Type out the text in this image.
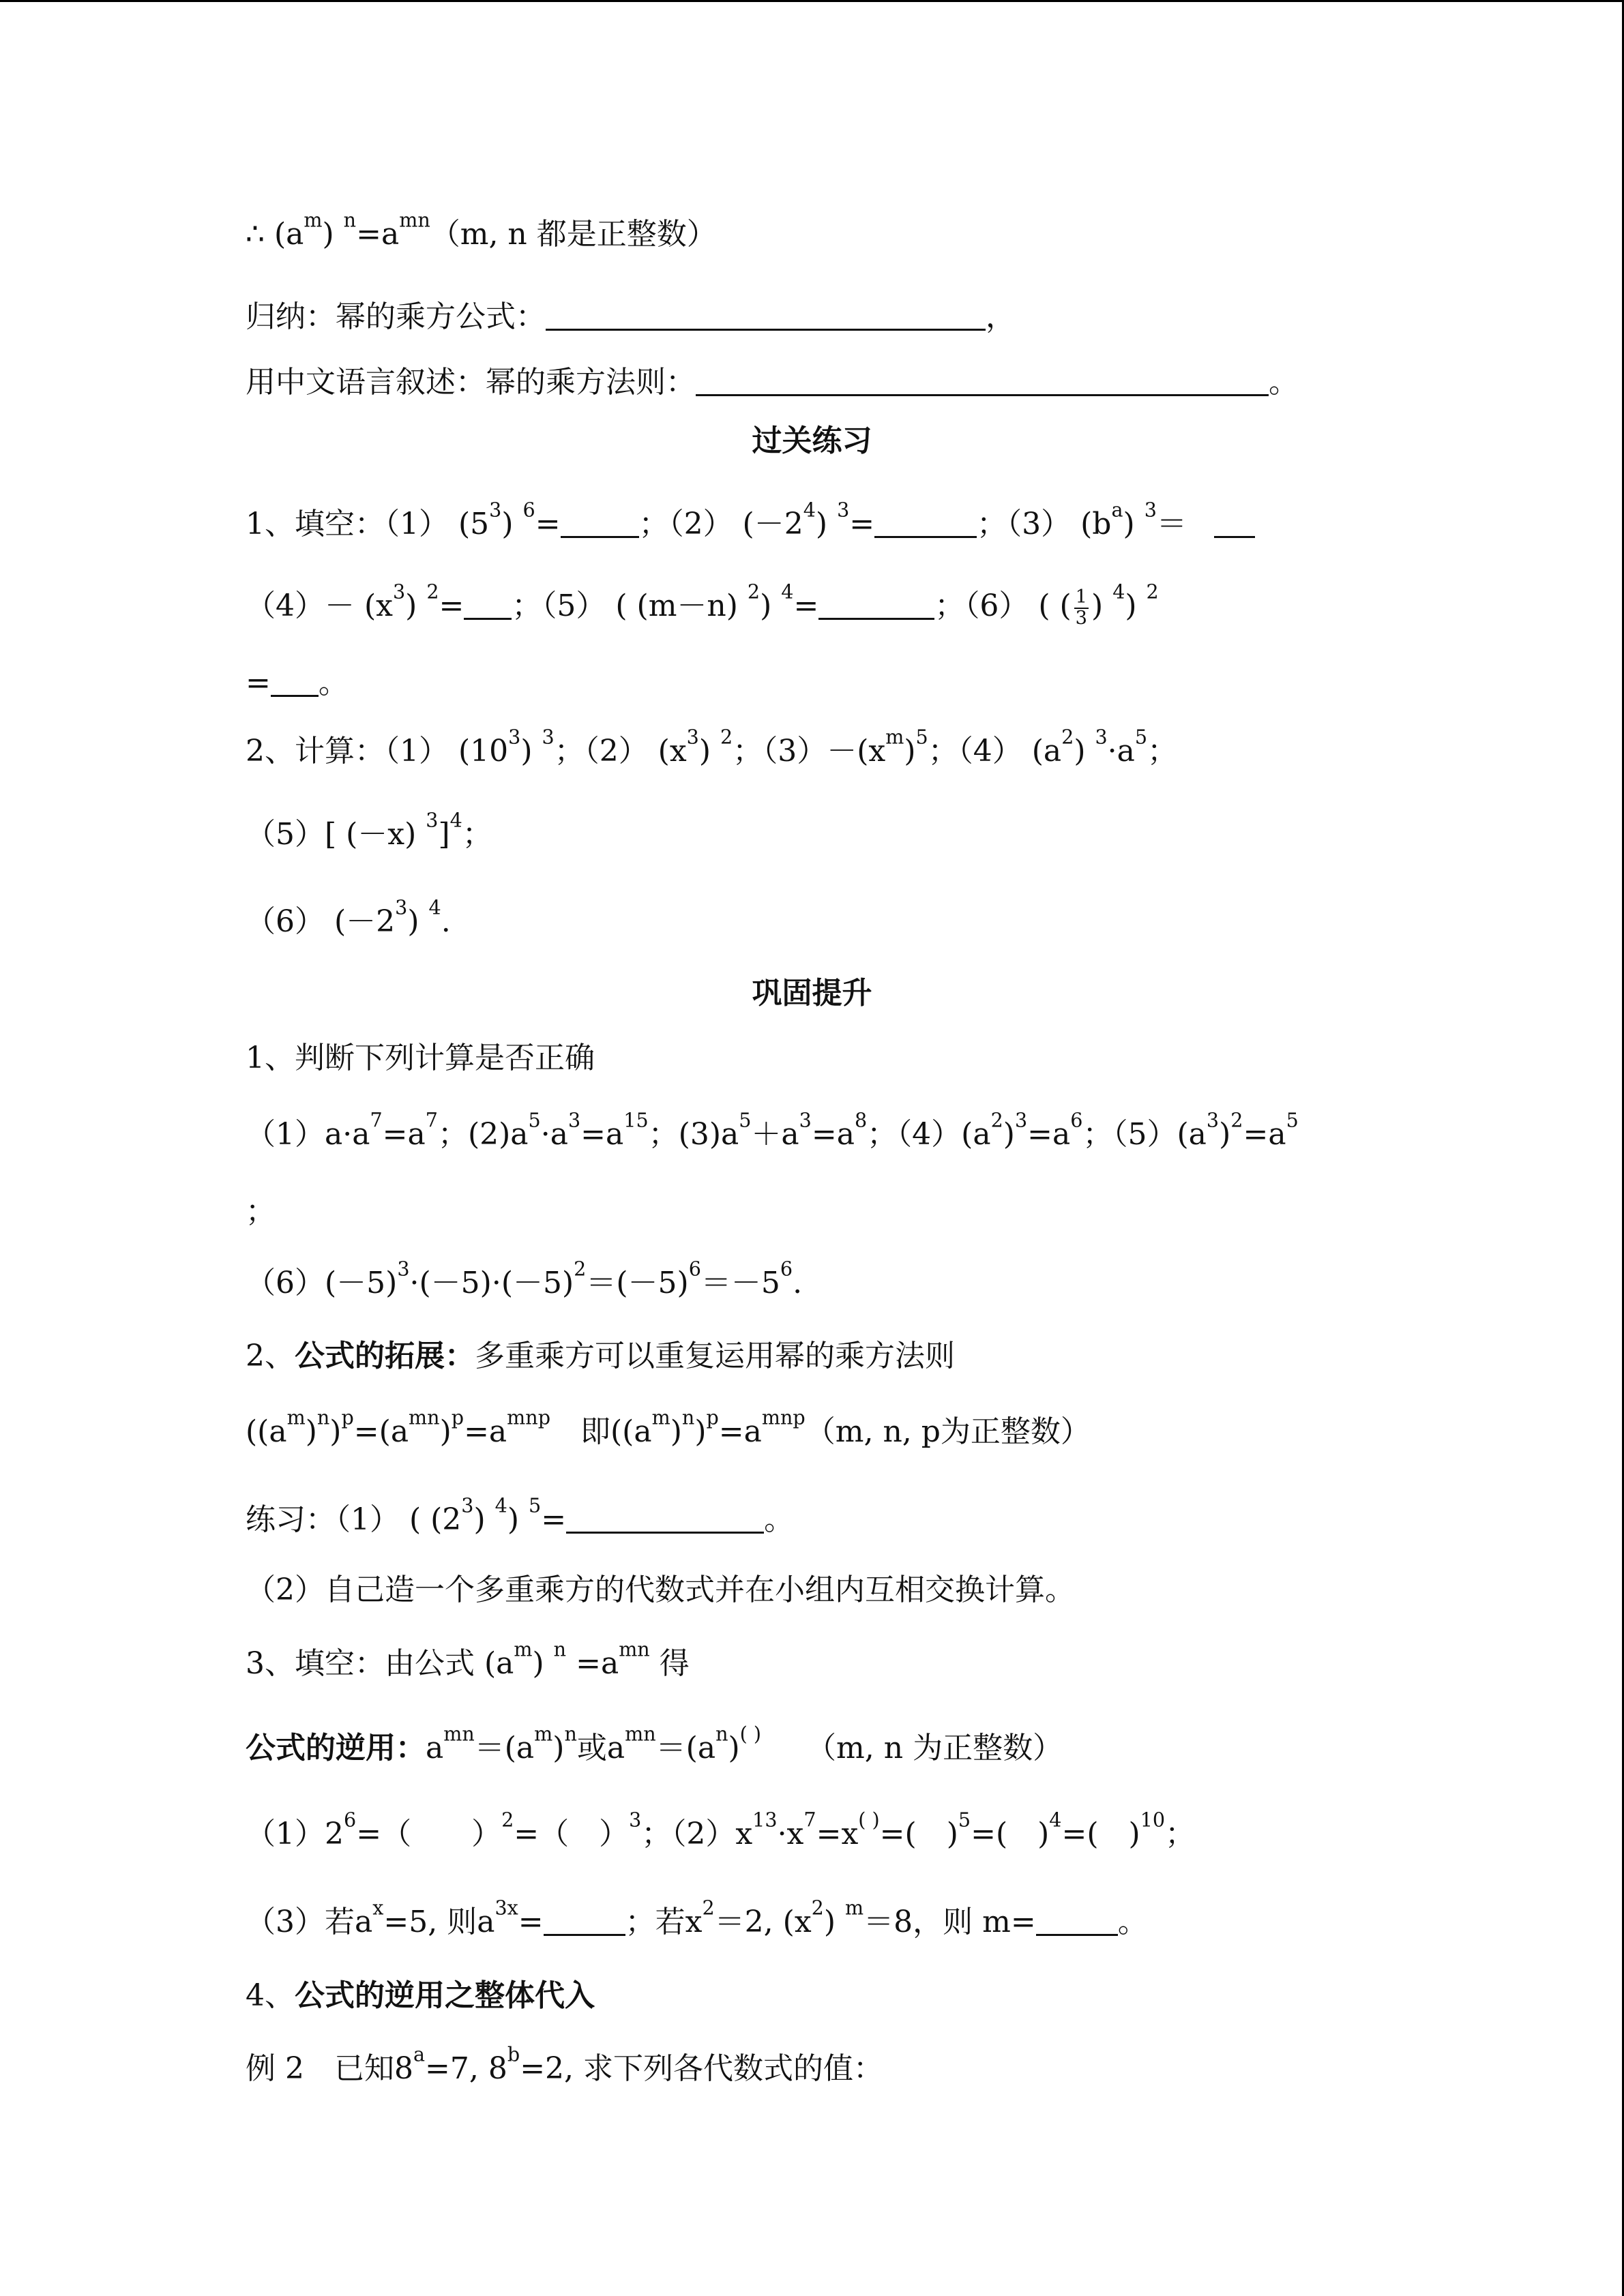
∴ $(a^m)$ $^n=a^{mn}(m$, n 都是正整数）
归纳：幂的乘方公式：	，
用中文语言叙述：幂的乘方法则：	。
过关练习
1、填空：（1） $(5^3)$ $^6$=	；（2） $(-2^4)$ $^3$=	；（3） $(b^a)$ $^3$＝
$(4)- (x^3)$ $^2$= ；（5） ( (m－n) $^2$) $^4$=	；（6） ( ( $\frac{1}{3}$ ) $^4$) $^2$
= 。
2、计算：（1） $(10^3)$ $^3$；（2） $(x^3)$ $^2$；$(3)-(x^m)^5$；（4） $(a^2)$ $^3\cdot a^5$；
（5）[ (－x) $^3$]$^4$；
（6） $(-2^3)$ $^4$.
巩固提升
1、判断下列计算是否正确
$(1)a\cdot a^7=a^7$；$(2)a^5\cdot a^3=a^{15}$；$(3)a^5+a^3=a^8$；$(4)(a^2)^3=a^6$；$(5)(a^3)^2=a^5$
；
$(6)(-5)^3\cdot(-5)\cdot(-5)^2=(-5)^6=-5^6$.
2、公式的拓展：多重乘方可以重复运用幂的乘方法则
$((a^m)^n)^p=(a^{mn})^p=a^{mnp}$　即$((a^m)^n)^p=a^{mnp}(m$, n, p为正整数）
练习：（1） ( $(2^3)$ $^4$) $^5$=	。
（2）自己造一个多重乘方的代数式并在小组内互相交换计算。
3、填空：由公式 $(a^m)$ $^n =a^{mn}$ 得
公式的逆用：$a^{mn}=(a^m)^n$或$a^{mn}=(a^n)^{( )}$　　（m, n 为正整数）
$(1)2^6=$（　　）$^2$=（　）$^3$；$(2)x^{13}\cdot x^7=x^{( )}=$(　)$^5$=(　)$^4$=(　)$^{10}$；
（3）若$a^x=5$, 则$a^{3x}=$	；若$x^2=2$, $(x^2)$ $^m$＝8，则 m=	。
4、公式的逆用之整体代入
例 2　已知$8^a=7$, $8^b=2$, 求下列各代数式的值：
